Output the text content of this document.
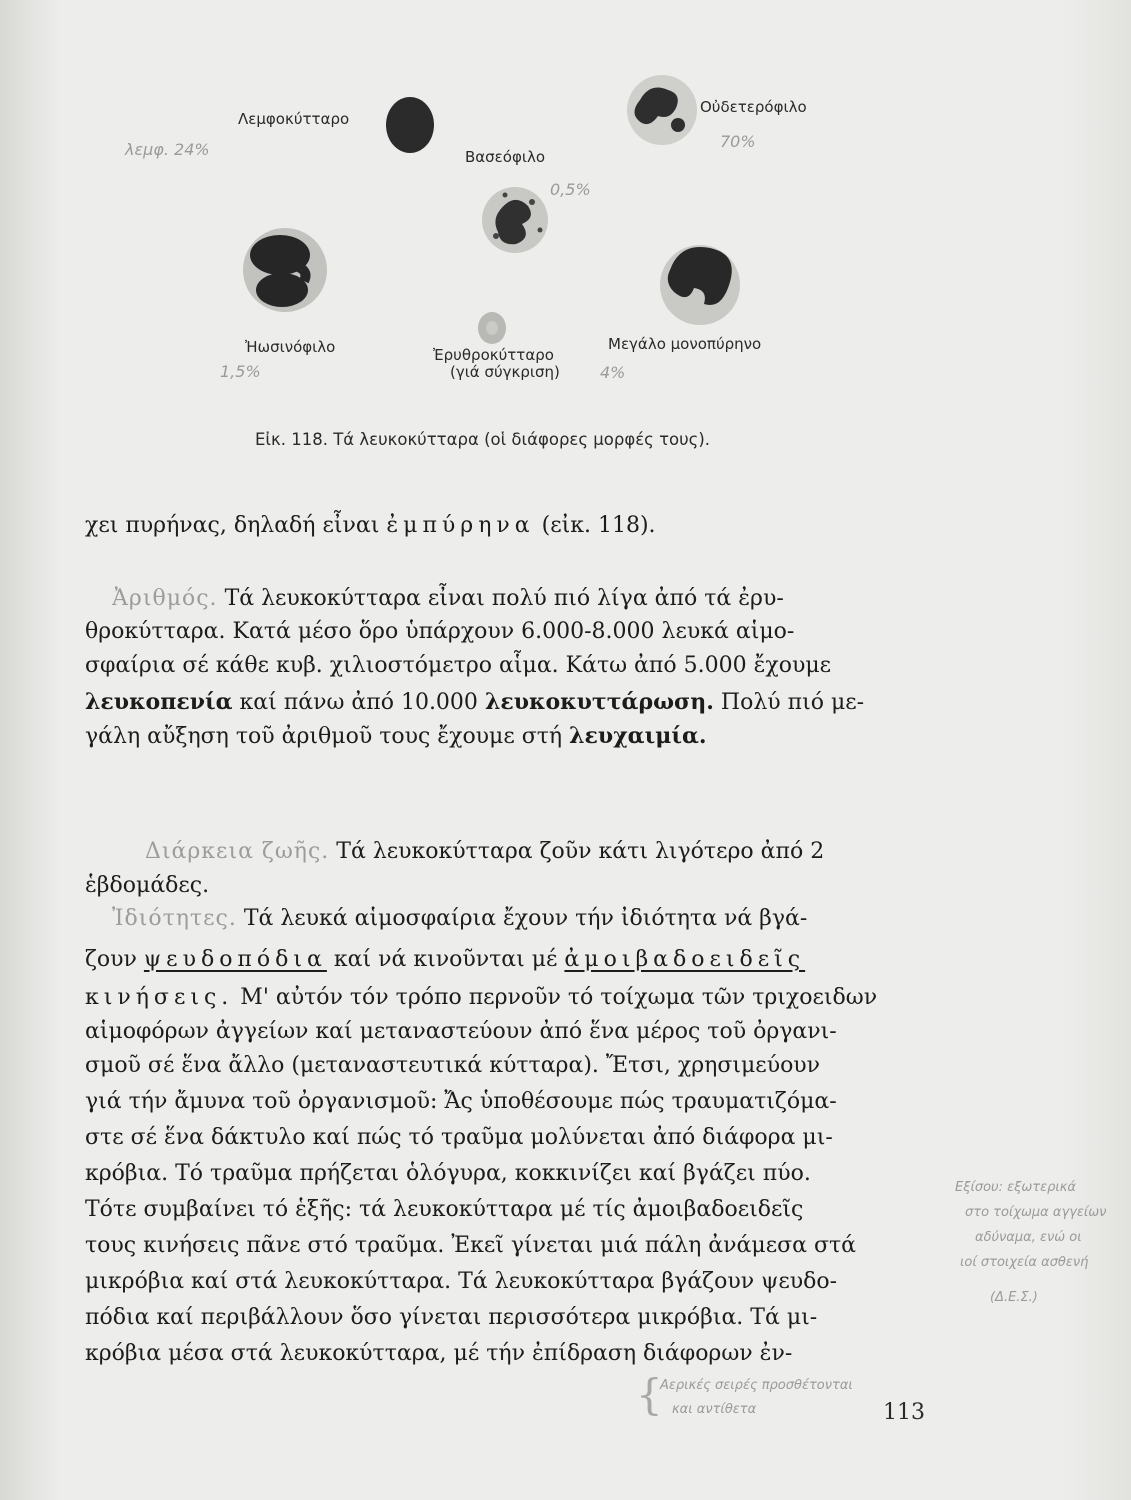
Λεμφοκύτταρο
Οὐδετερόφιλο
Βασεόφιλο
Ἠωσινόφιλο	Ἐρυθροκύτταρο
(γιά σύγκριση)
Μεγάλο μονοπύρηνο
λεμφ. 24%	70%
0,5%
1,5%	4%
Εἰκ. 118. Τά λευκοκύτταρα (οἱ διάφορες μορφές τους).
χει πυρήνας, δηλαδή εἶναι ἐμπύρηνα (εἰκ. 118).
Ἀριθμός. Τά λευκοκύτταρα εἶναι πολύ πιό λίγα ἀπό τά ἐρυ-
θροκύτταρα. Κατά μέσο ὅρο ὑπάρχουν 6.000-8.000 λευκά αἱμο-
σφαίρια σέ κάθε κυβ. χιλιοστόμετρο αἷμα. Κάτω ἀπό 5.000 ἔχουμε
λευκοπενία καί πάνω ἀπό 10.000 λευκοκυττάρωση. Πολύ πιό με-
γάλη αὔξηση τοῦ ἀριθμοῦ τους ἔχουμε στή λευχαιμία.
Διάρκεια ζωῆς. Τά λευκοκύτταρα ζοῦν κάτι λιγότερο ἀπό 2
ἑβδομάδες.
Ἰδιότητες. Τά λευκά αἱμοσφαίρια ἔχουν τήν ἰδιότητα νά βγά-
ζουν ψευδοπόδια καί νά κινοῦνται μέ ἀμοιβαδοειδεῖς
κινήσεις. Μ' αὐτόν τόν τρόπο περνοῦν τό τοίχωμα τῶν τριχοειδων
αἱμοφόρων ἀγγείων καί μεταναστεύουν ἀπό ἕνα μέρος τοῦ ὀργανι-
σμοῦ σέ ἕνα ἄλλο (μεταναστευτικά κύτταρα). Ἔτσι, χρησιμεύουν
γιά τήν ἄμυνα τοῦ ὀργανισμοῦ: Ἄς ὑποθέσουμε πώς τραυματιζόμα-
στε σέ ἕνα δάκτυλο καί πώς τό τραῦμα μολύνεται ἀπό διάφορα μι-
κρόβια. Τό τραῦμα πρήζεται ὁλόγυρα, κοκκινίζει καί βγάζει πύο.
Τότε συμβαίνει τό ἑξῆς: τά λευκοκύτταρα μέ τίς ἀμοιβαδοειδεῖς
τους κινήσεις πᾶνε στό τραῦμα. Ἐκεῖ γίνεται μιά πάλη ἀνάμεσα στά
μικρόβια καί στά λευκοκύτταρα. Τά λευκοκύτταρα βγάζουν ψευδο-
πόδια καί περιβάλλουν ὅσο γίνεται περισσότερα μικρόβια. Τά μι-
κρόβια μέσα στά λευκοκύτταρα, μέ τήν ἐπίδραση διάφορων ἐν-
Εξίσου: εξωτερικά
στο τοίχωμα αγγείων
αδύναμα, ενώ οι
ιοί στοιχεία ασθενή
(Δ.Ε.Σ.)
{
Αερικές σειρές προσθέτονται
και αντίθετα	113
